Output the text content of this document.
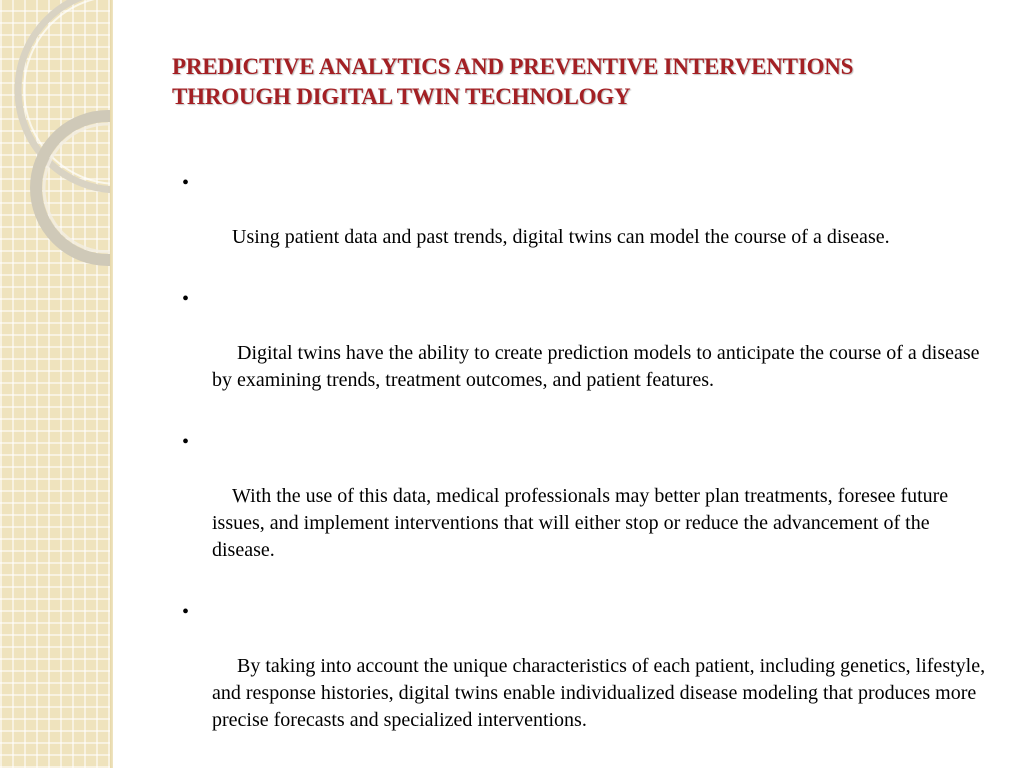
PREDICTIVE ANALYTICS AND PREVENTIVE INTERVENTIONS
THROUGH DIGITAL TWIN TECHNOLOGY

•

Using patient data and past trends, digital twins can model the course of a disease.

•

Digital twins have the ability to create prediction models to anticipate the course of a disease by examining trends, treatment outcomes, and patient features.

•

With the use of this data, medical professionals may better plan treatments, foresee future issues, and implement interventions that will either stop or reduce the advancement of the disease.

•

By taking into account the unique characteristics of each patient, including genetics, lifestyle, and response histories, digital twins enable individualized disease modeling that produces more precise forecasts and specialized interventions.
